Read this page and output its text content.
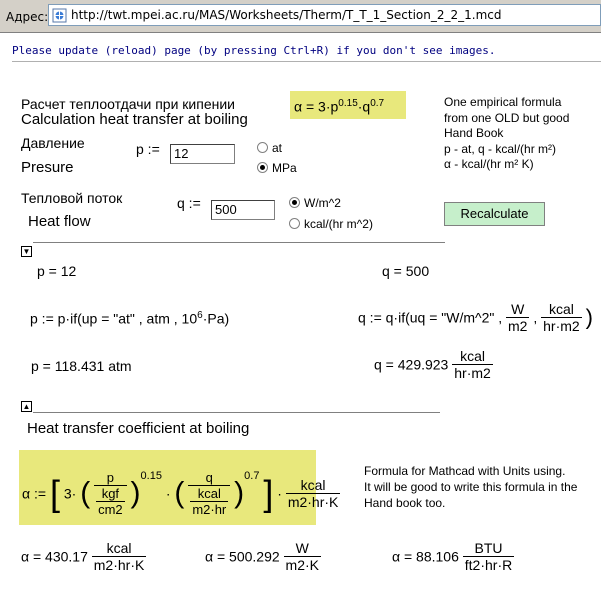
Адрес: http://twt.mpei.ac.ru/MAS/Worksheets/Therm/T_T_1_Section_2_2_1.mcd
Please update (reload) page (by pressing Ctrl+R) if you don't see images.
Расчет теплоотдачи при кипении
Calculation heat transfer at boiling
$\alpha = 3\cdot p^{0.15}\cdot q^{0.7}$	One empirical formula
from one OLD but good
Hand Book
p - at, q - kcal/(hr m²)
α - kcal/(hr m² K)
Давление
Presure
p :=	12	at
MPa
Тепловой поток
Heat flow
q :=	500	W/m^2
kcal/(hr m^2)
Recalculate
▼
p = 12	q = 500
p := p·if(up = "at" , atm , $10^6\cdot Pa$)	q := q·if(uq = "W/m^2" , $\frac{W}{m2}$ , $\frac{\text{kcal}}{hr\cdot m2}$ )
p = 118.431 atm	$q = 429.923 \frac{\text{kcal}}{hr\cdot m2}$
▲
Heat transfer coefficient at boiling
α := [ 3· ( $\frac{p}{\frac{\text{kgf}}{cm2}} )^{0.15}$ · ( $\frac{q}{\frac{\text{kcal}}{m2\cdot hr}} )^{0.7}$ ] · $\frac{\text{kcal}}{m2\cdot hr\cdot K}$
Formula for Mathcad with Units using.
It will be good to write this formula in the
Hand book too.
$\alpha = 430.17 \frac{\text{kcal}}{m2\cdot hr\cdot K}$	$\alpha = 500.292 \frac{W}{m2\cdot K}$	$\alpha = 88.106 \frac{\text{BTU}}{ft2\cdot hr\cdot R}$
